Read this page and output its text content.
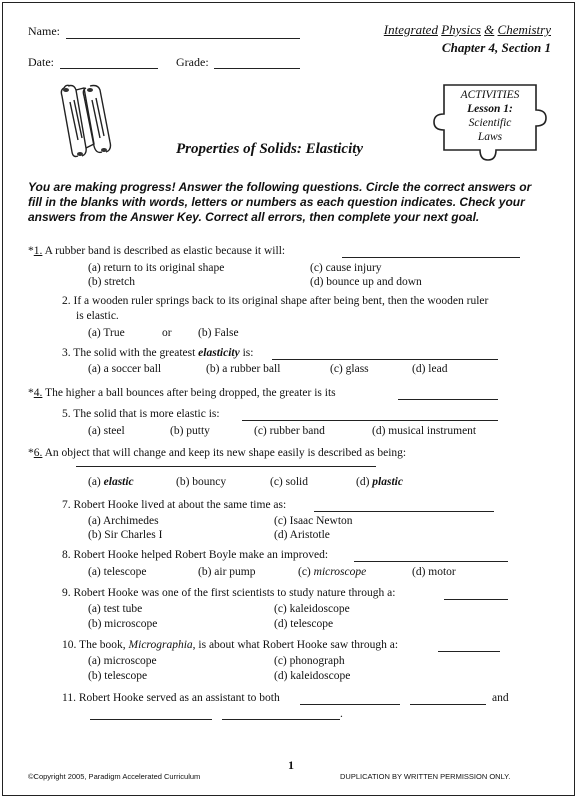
Name:
Date:	Grade:
Integrated Physics & Chemistry
Chapter 4, Section 1
ACTIVITIES
Lesson 1:
Scientific
Laws
Properties of Solids: Elasticity
You are making progress! Answer the following questions. Circle the correct answers or fill in the blanks with words, letters or numbers as each question indicates. Check your answers from the Answer Key. Correct all errors, then complete your next goal.
*1. A rubber band is described as elastic because it will:
(a) return to its original shape
(b) stretch
(c) cause injury
(d) bounce up and down
2. If a wooden ruler springs back to its original shape after being bent, then the wooden ruler
is elastic.
(a) True	or (b) False
3. The solid with the greatest elasticity is:
(a) a soccer ball	(b) a rubber ball	(c) glass	(d) lead
*4. The higher a ball bounces after being dropped, the greater is its
5. The solid that is more elastic is:
(a) steel	(b) putty	(c) rubber band	(d) musical instrument
*6. An object that will change and keep its new shape easily is described as being:
(a) elastic	(b) bouncy	(c) solid	(d) plastic
7. Robert Hooke lived at about the same time as:
(a) Archimedes
(b) Sir Charles I
(c) Isaac Newton
(d) Aristotle
8. Robert Hooke helped Robert Boyle make an improved:
(a) telescope	(b) air pump	(c) microscope	(d) motor
9. Robert Hooke was one of the first scientists to study nature through a:
(a) test tube
(b) microscope
(c) kaleidoscope
(d) telescope
10. The book, Micrographia, is about what Robert Hooke saw through a:
(a) microscope
(b) telescope
(c) phonograph
(d) kaleidoscope
11. Robert Hooke served as an assistant to both	and
.
1
©Copyright 2005, Paradigm Accelerated Curriculum	DUPLICATION BY WRITTEN PERMISSION ONLY.
